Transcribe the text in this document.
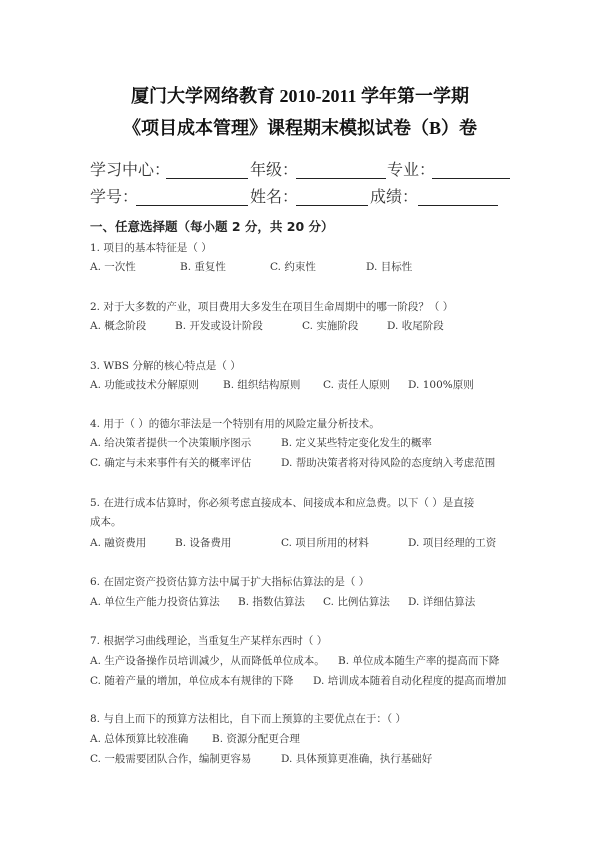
厦门大学网络教育 2010-2011 学年第一学期
《项目成本管理》课程期末模拟试卷（B）卷
学习中心：	年级：	专业：
学号：	姓名：	成绩：
一、任意选择题（每小题 2 分，共 20 分）
1. 项目的基本特征是（ ）
A. 一次性	B. 重复性	C. 约束性	D. 目标性
2. 对于大多数的产业，项目费用大多发生在项目生命周期中的哪一阶段？（ ）
A. 概念阶段	B. 开发或设计阶段	C. 实施阶段	D. 收尾阶段
3. WBS 分解的核心特点是（ ）
A. 功能或技术分解原则 B. 组织结构原则 C. 责任人原则 D. 100%原则
4. 用于（ ）的德尔菲法是一个特别有用的风险定量分析技术。
A. 给决策者提供一个决策顺序图示	B. 定义某些特定变化发生的概率
C. 确定与未来事件有关的概率评估	D. 帮助决策者将对待风险的态度纳入考虑范围
5. 在进行成本估算时，你必须考虑直接成本、间接成本和应急费。以下（ ）是直接
成本。
A. 融资费用	B. 设备费用	C. 项目所用的材料	D. 项目经理的工资
6. 在固定资产投资估算方法中属于扩大指标估算法的是（ ）
A. 单位生产能力投资估算法 B. 指数估算法 C. 比例估算法 D. 详细估算法
7. 根据学习曲线理论，当重复生产某样东西时（ ）
A. 生产设备操作员培训减少，从而降低单位成本。 B. 单位成本随生产率的提高而下降
C. 随着产量的增加，单位成本有规律的下降 D. 培训成本随着自动化程度的提高而增加
8. 与自上而下的预算方法相比，自下而上预算的主要优点在于：（ ）
A. 总体预算比较准确 B. 资源分配更合理
C. 一般需要团队合作，编制更容易	D. 具体预算更准确，执行基础好
